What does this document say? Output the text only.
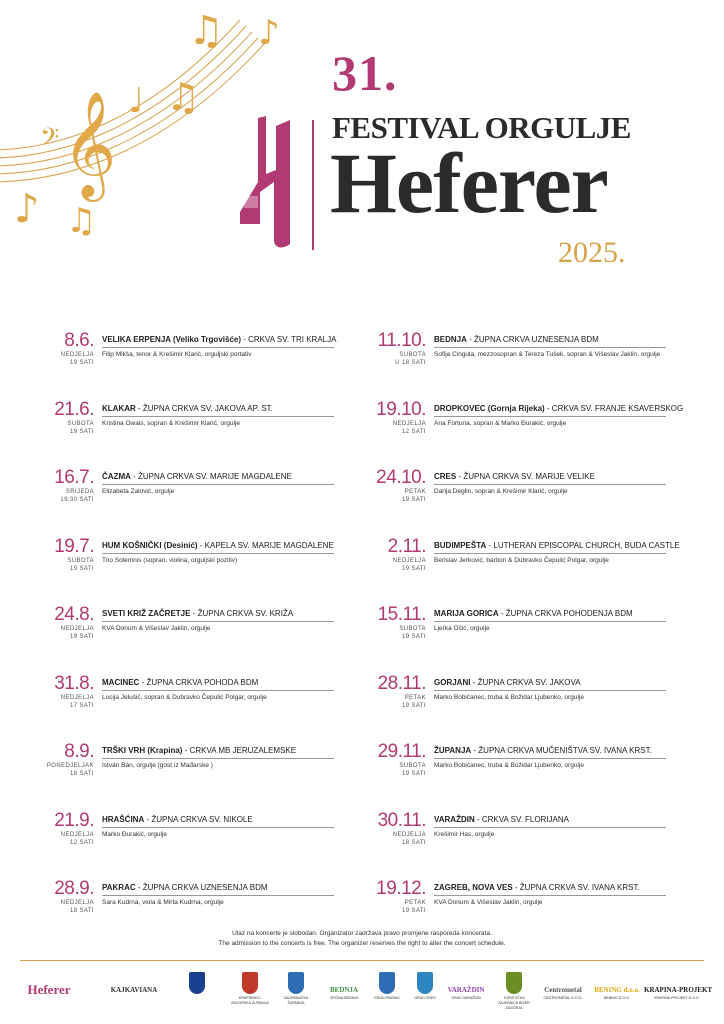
𝄞
𝄢
♪ ♫
♩ ♫
♫ ♪
31.
FESTIVAL ORGULJE
Heferer
2025.
8.6.
NEDJELJA
19 SATI
VELIKA ERPENJA (Veliko Trgovišće) - CRKVA SV. TRI KRALJA
Filip Mikša, tenor & Krešimir Klarić, orguljski portativ
21.6.
SUBOTA
19 SATI
KLAKAR - ŽUPNA CRKVA SV. JAKOVA AP. ST.
Kristina Owais, sopran & Krešimir Klarić, orgulje
16.7.
SRIJEDA
19:30 SATI
ČAZMA - ŽUPNA CRKVA SV. MARIJE MAGDALENE
Elizabeta Zalović, orgulje
19.7.
SUBOTA
19 SATI
HUM KOŠNIČKI (Desinić) - KAPELA SV. MARIJE MAGDALENE
Trio Solemnis (sopran, violina, orguljski pozitiv)
24.8.
NEDJELJA
19 SATI
SVETI KRIŽ ZAČRETJE - ŽUPNA CRKVA SV. KRIŽA
KVA Donum & Višeslav Jaklin, orgulje
31.8.
NEDJELJA
17 SATI
MACINEC - ŽUPNA CRKVA POHODA BDM
Lucija Jelušić, sopran & Dubravko Čepulić Polgar, orgulje
8.9.
PONEDJELJAK
18 SATI
TRŠKI VRH (Krapina) - CRKVA MB JERUZALEMSKE
István Bán, orgulje (gost iz Mađarske )
21.9.
NEDJELJA
12 SATI
HRAŠĆINA - ŽUPNA CRKVA SV. NIKOLE
Marko Đurakić, orgulje
28.9.
NEDJELJA
18 SATI
PAKRAC - ŽUPNA CRKVA UZNESENJA BDM
Sara Kudrna, viola & Mirta Kudrna, orgulje
11.10.
SUBOTA
U 18 SATI
BEDNJA - ŽUPNA CRKVA UZNESENJA BDM
Sofija Cingula, mezzosopran & Tereza Tušek, sopran & Višeslav Jaklin, orgulje
19.10.
NEDJELJA
12 SATI
DROPKOVEC (Gornja Rijeka) - CRKVA SV. FRANJE KSAVERSKOG
Ana Fortuna, sopran & Marko Đurakić, orgulje
24.10.
PETAK
19 SATI
CRES - ŽUPNA CRKVA SV. MARIJE VELIKE
Darija Deglin, sopran & Krešimir Klarić, orgulje
2.11.
NEDJELJA
19 SATI
BUDIMPEŠTA - LUTHERAN EPISCOPAL CHURCH, BUDA CASTLE
Berislav Jerković, bariton & Dubravko Čepulić Polgar, orgulje
15.11.
SUBOTA
19 SATI
MARIJA GORICA - ŽUPNA CRKVA POHODENJA BDM
Ljerka Očić, orgulje
28.11.
PETAK
19 SATI
GORJANI - ŽUPNA CRKVA SV. JAKOVA
Marko Bobičanec, truba & Božidar Ljubenko, orgulje
29.11.
SUBOTA
19 SATI
ŽUPANJA - ŽUPNA CRKVA MUČENIŠTVA SV. IVANA KRST.
Marko Bobičanec, truba & Božidar Ljubenko, orgulje
30.11.
NEDJELJA
18 SATI
VARAŽDIN - CRKVA SV. FLORIJANA
Krešimir Has, orgulje
19.12.
PETAK
19 SATI
ZAGREB, NOVA VES - ŽUPNA CRKVA SV. IVANA KRST.
KVA Donum & Višeslav Jaklin, orgulje
Ulaz na koncerte je slobodan. Organizator zadržava pravo promjene rasporeda koncerata.
The admission to the concerts is free. The organizer reserves the right to alter the concert schedule.
Heferer	KAJKAVIANA
KRAPINSKO-ZAGORSKA ŽUPANIJA
ZAGREBAČKA ŽUPANIJA
BEDNJA
OPĆINA BEDNJA	GRAD PAKRAC	GRAD CRES
VARAŽDIN
GRAD VARAŽDIN	TURISTIČKA ZAJEDNICA BISER ZAGORJA
Centrometal
CENTROMETAL D.O.O.
BENING d.o.o.
BENING D.O.O.
KRAPINA-PROJEKT
KRAPINA-PROJEKT D.O.O.
